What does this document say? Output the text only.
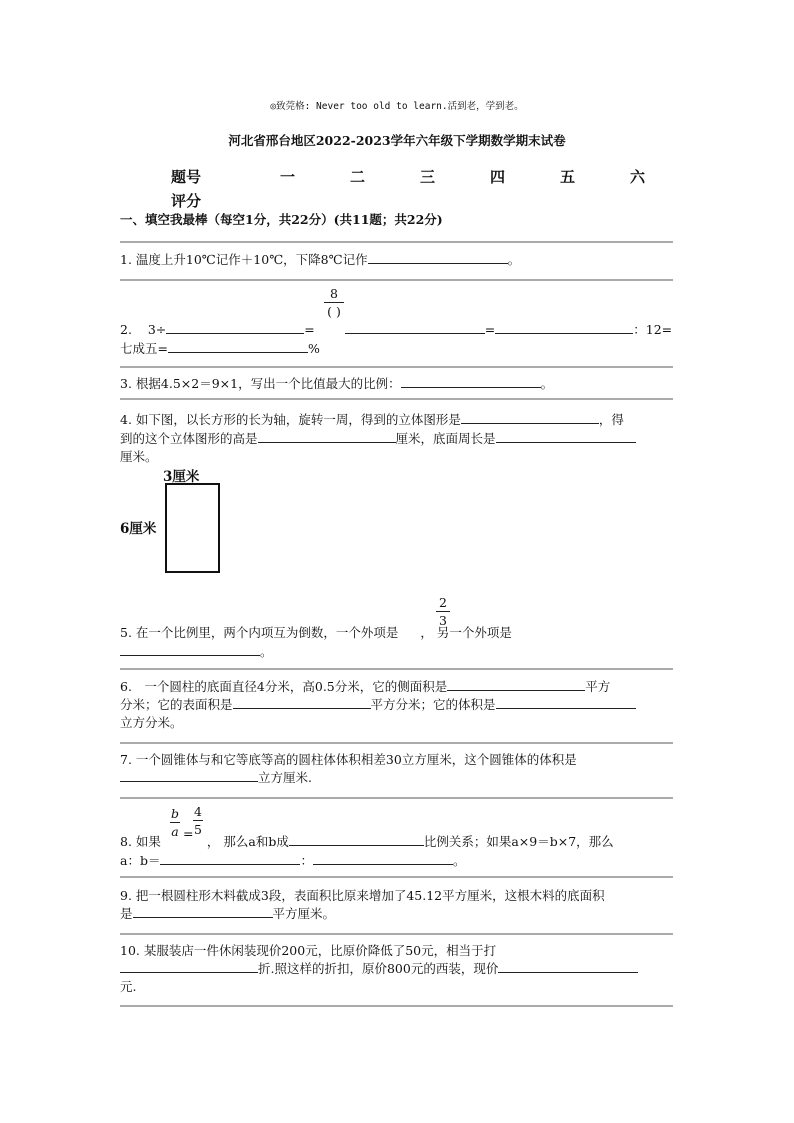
◎致莞格: Never too old to learn.活到老，学到老。
河北省邢台地区2022-2023学年六年级下学期数学期末试卷
题号	一	二	三	四	五	六
评分
一、填空我最棒（每空1分，共22分）(共11题；共22分)
1. 温度上升10℃记作＋10℃，下降8℃记作	。
8
( )
2. 3÷	=	=	：12=
七成五=	%
3. 根据4.5×2＝9×1，写出一个比值最大的比例：	。
4. 如下图，以长方形的长为轴，旋转一周，得到的立体图形是	，得
到的这个立体图形的高是	厘米，底面周长是
厘米。
3厘米
6厘米
2
3
5. 在一个比例里，两个内项互为倒数，一个外项是 ， 另一个外项是
。
6.　一个圆柱的底面直径4分米，高0.5分米，它的侧面积是	平方
分米；它的表面积是	平方分米；它的体积是
立方分米。
7. 一个圆锥体与和它等底等高的圆柱体体积相差30立方厘米，这个圆锥体的体积是
立方厘米.
b
a =
4
5
8. 如果	， 那么a和b成	比例关系；如果a×9＝b×7，那么
a：b＝	：	。
9. 把一根圆柱形木料截成3段，表面积比原来增加了45.12平方厘米，这根木料的底面积
是	平方厘米。
10. 某服装店一件休闲装现价200元，比原价降低了50元，相当于打
折.照这样的折扣，原价800元的西装，现价
元.
